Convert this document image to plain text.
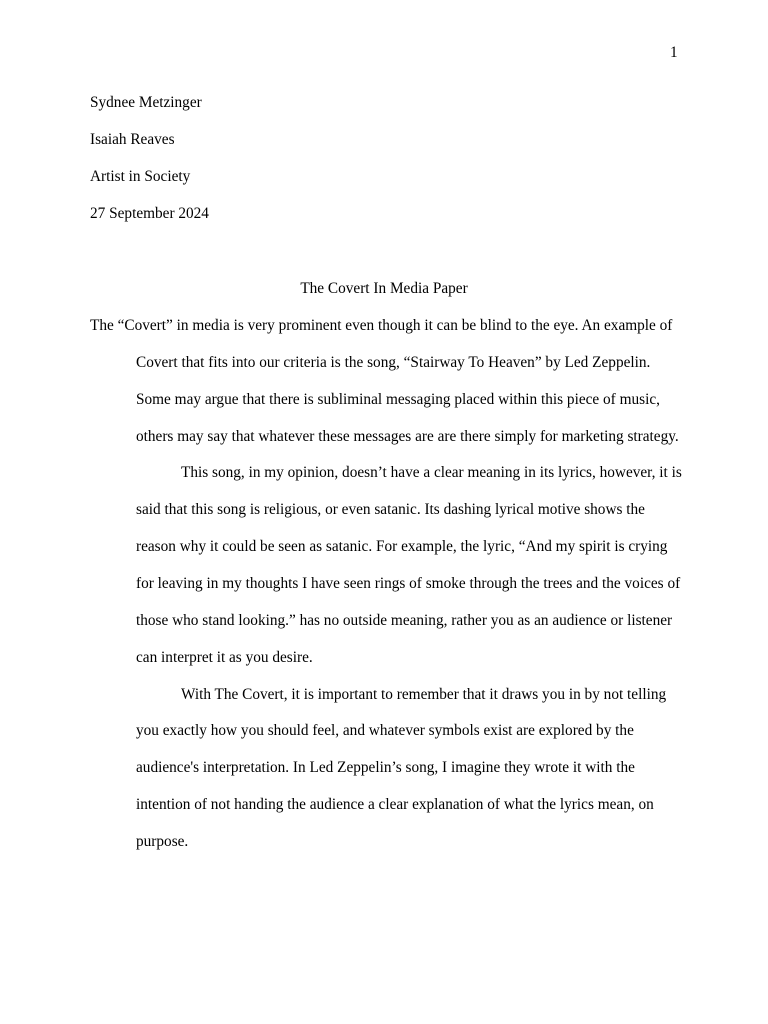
1

Sydnee Metzinger

Isaiah Reaves

Artist in Society

27 September 2024

The Covert In Media Paper

The “Covert” in media is very prominent even though it can be blind to the eye. An example of

Covert that fits into our criteria is the song, “Stairway To Heaven” by Led Zeppelin.

Some may argue that there is subliminal messaging placed within this piece of music,

others may say that whatever these messages are are there simply for marketing strategy.

This song, in my opinion, doesn’t have a clear meaning in its lyrics, however, it is

said that this song is religious, or even satanic. Its dashing lyrical motive shows the

reason why it could be seen as satanic. For example, the lyric, “And my spirit is crying

for leaving in my thoughts I have seen rings of smoke through the trees and the voices of

those who stand looking.” has no outside meaning, rather you as an audience or listener

can interpret it as you desire.

With The Covert, it is important to remember that it draws you in by not telling

you exactly how you should feel, and whatever symbols exist are explored by the

audience's interpretation. In Led Zeppelin’s song, I imagine they wrote it with the

intention of not handing the audience a clear explanation of what the lyrics mean, on

purpose.
